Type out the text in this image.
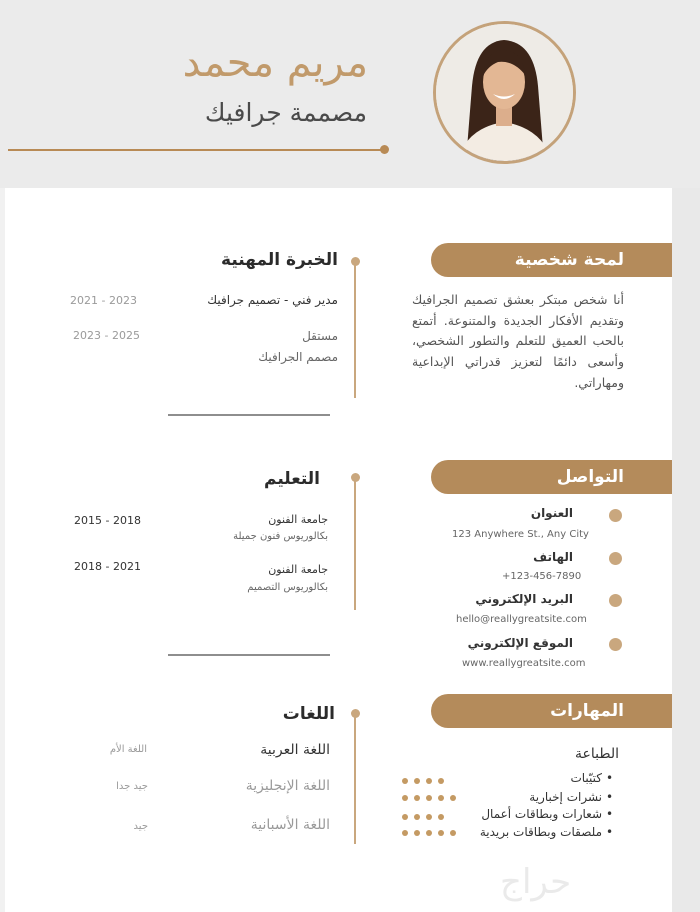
مريم محمد
مصممة جرافيك
لمحة شخصية
أنا شخص مبتكر بعشق تصميم الجرافيك وتقديم الأفكار الجديدة والمتنوعة. أتمتع بالحب العميق للتعلم والتطور الشخصي، وأسعى دائمًا لتعزيز قدراتي الإبداعية ومهاراتي.
التواصل
العنوان
123 Anywhere St., Any City
الهاتف
+123-456-7890
البريد الإلكتروني
hello@reallygreatsite.com
الموقع الإلكتروني
www.reallygreatsite.com
المهارات
الطباعة
كتيّبات •
نشرات إخبارية •
شعارات وبطاقات أعمال •
ملصقات وبطاقات بريدية •
الخبرة المهنية
مدير فني - تصميم جرافيك
2021 - 2023
مستقل
مصمم الجرافيك
2023 - 2025
التعليم
جامعة الفنون
بكالوريوس فنون جميلة
2015 - 2018
جامعة الفنون
بكالوريوس التصميم
2018 - 2021
اللغات
اللغة العربية
اللغة الأم
اللغة الإنجليزية
جيد جدا
اللغة الأسبانية
جيد
حراج
